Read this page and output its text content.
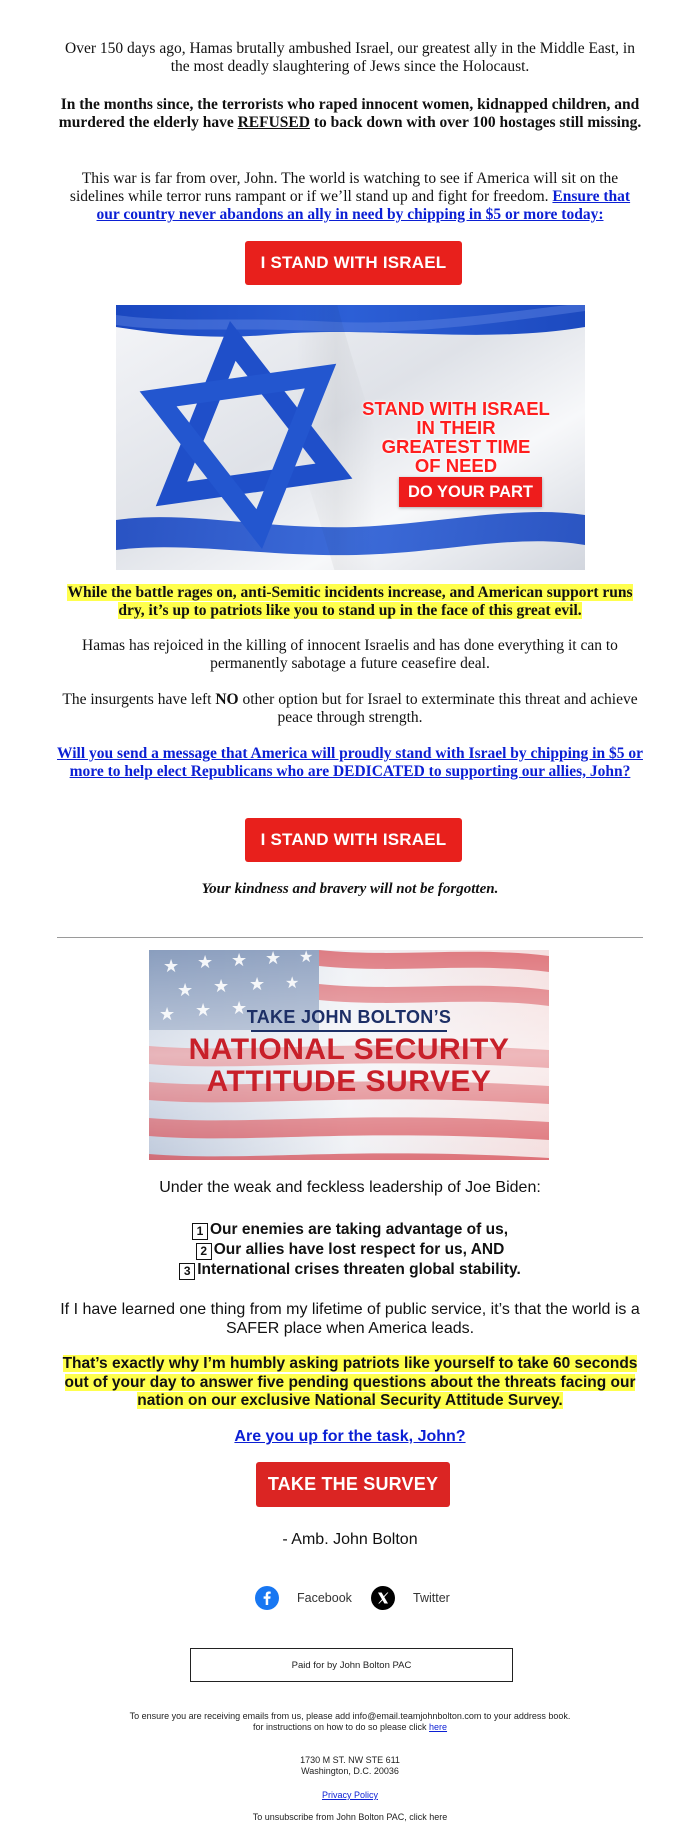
Over 150 days ago, Hamas brutally ambushed Israel, our greatest ally in the Middle East, in the most deadly slaughtering of Jews since the Holocaust.

In the months since, the terrorists who raped innocent women, kidnapped children, and murdered the elderly have REFUSED to back down with over 100 hostages still missing.

This war is far from over, John. The world is watching to see if America will sit on the sidelines while terror runs rampant or if we’ll stand up and fight for freedom. Ensure that our country never abandons an ally in need by chipping in $5 or more today:

I STAND WITH ISRAEL
STAND WITH ISRAEL
IN THEIR
GREATEST TIME
OF NEED
DO YOUR PART

While the battle rages on, anti-Semitic incidents increase, and American support runs dry, it’s up to patriots like you to stand up in the face of this great evil.

Hamas has rejoiced in the killing of innocent Israelis and has done everything it can to permanently sabotage a future ceasefire deal.

The insurgents have left NO other option but for Israel to exterminate this threat and achieve peace through strength.

Will you send a message that America will proudly stand with Israel by chipping in $5 or more to help elect Republicans who are DEDICATED to supporting our allies, John?

I STAND WITH ISRAEL

Your kindness and bravery will not be forgotten.

TAKE JOHN BOLTON’S
NATIONAL SECURITY
ATTITUDE SURVEY

Under the weak and feckless leadership of Joe Biden:

1 Our enemies are taking advantage of us,
2 Our allies have lost respect for us, AND
3 International crises threaten global stability.

If I have learned one thing from my lifetime of public service, it’s that the world is a SAFER place when America leads.

That’s exactly why I’m humbly asking patriots like yourself to take 60 seconds out of your day to answer five pending questions about the threats facing our nation on our exclusive National Security Attitude Survey.

Are you up for the task, John?

TAKE THE SURVEY

- Amb. John Bolton

Facebook	Twitter
Paid for by John Bolton PAC
To ensure you are receiving emails from us, please add info@email.teamjohnbolton.com to your address book.
for instructions on how to do so please click here
1730 M ST. NW STE 611
Washington, D.C. 20036
Privacy Policy
To unsubscribe from John Bolton PAC, click here
